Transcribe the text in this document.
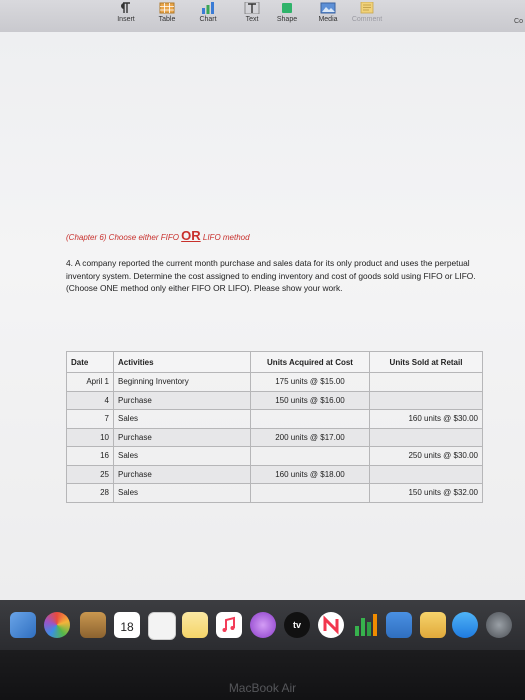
Insert	Table	Chart	Text	Shape	Media	Comment	Co
(Chapter 6) Choose either FIFO OR LIFO method
4. A company reported the current month purchase and sales data for its only product and uses the perpetual inventory system. Determine the cost assigned to ending inventory and cost of goods sold using FIFO or LIFO. (Choose ONE method only either FIFO OR LIFO). Please show your work.
Date	Activities	Units Acquired at Cost	Units Sold at Retail
April 1	Beginning Inventory	175 units @ $15.00	
4	Purchase	150 units @ $16.00	
7	Sales		160 units @ $30.00
10	Purchase	200 units @ $17.00	
16	Sales		250 units @ $30.00
25	Purchase	160 units @ $18.00	
28	Sales		150 units @ $32.00
18	tv
MacBook Air
